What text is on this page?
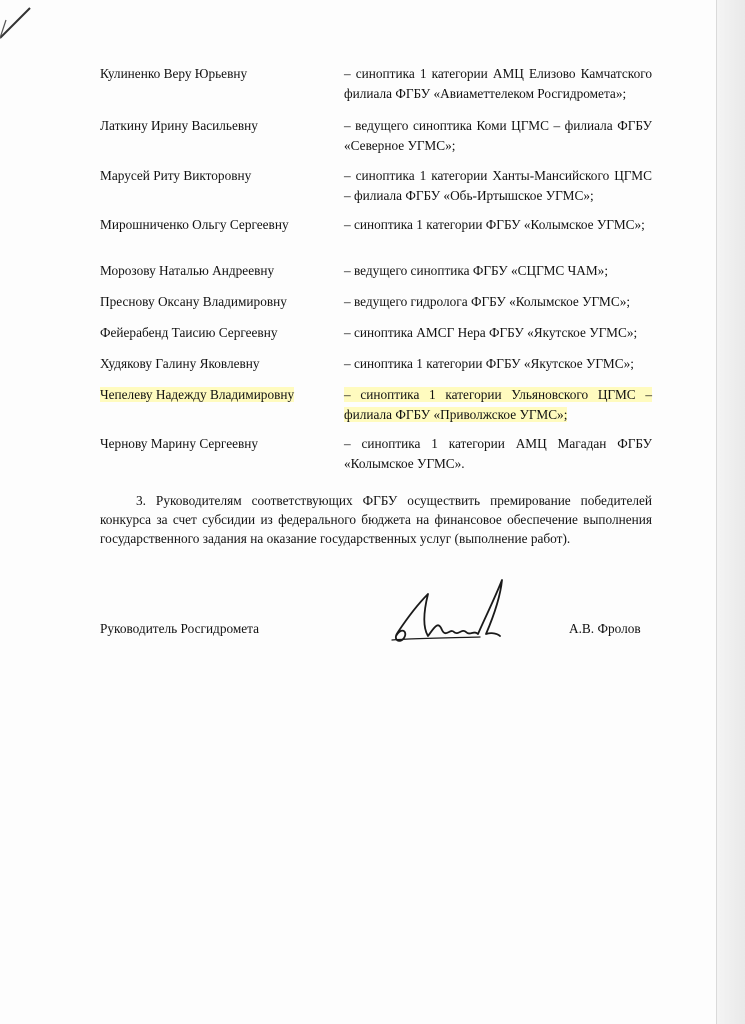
Кулиненко Веру Юрьевну	– синоптика 1 категории АМЦ Елизово Камчатского филиала ФГБУ «Авиаметтелеком Росгидромета»;
Латкину Ирину Васильевну	– ведущего синоптика Коми ЦГМС – филиала ФГБУ «Северное УГМС»;
Марусей Риту Викторовну	– синоптика 1 категории Ханты-Мансийского ЦГМС – филиала ФГБУ «Обь-Иртышское УГМС»;
Мирошниченко Ольгу Сергеевну	– синоптика 1 категории ФГБУ «Колымское УГМС»;
Морозову Наталью Андреевну	– ведущего синоптика ФГБУ «СЦГМС ЧАМ»;
Преснову Оксану Владимировну	– ведущего гидролога ФГБУ «Колымское УГМС»;
Фейерабенд Таисию Сергеевну	– синоптика АМСГ Нера ФГБУ «Якутское УГМС»;
Худякову Галину Яковлевну	– синоптика 1 категории ФГБУ «Якутское УГМС»;
Чепелеву Надежду Владимировну	– синоптика 1 категории Ульяновского ЦГМС – филиала ФГБУ «Приволжское УГМС»;
Чернову Марину Сергеевну	– синоптика 1 категории АМЦ Магадан ФГБУ «Колымское УГМС».
3. Руководителям соответствующих ФГБУ осуществить премирование победителей конкурса за счет субсидии из федерального бюджета на финансовое обеспечение выполнения государственного задания на оказание государственных услуг (выполнение работ).
Руководитель Росгидромета	А.В. Фролов
